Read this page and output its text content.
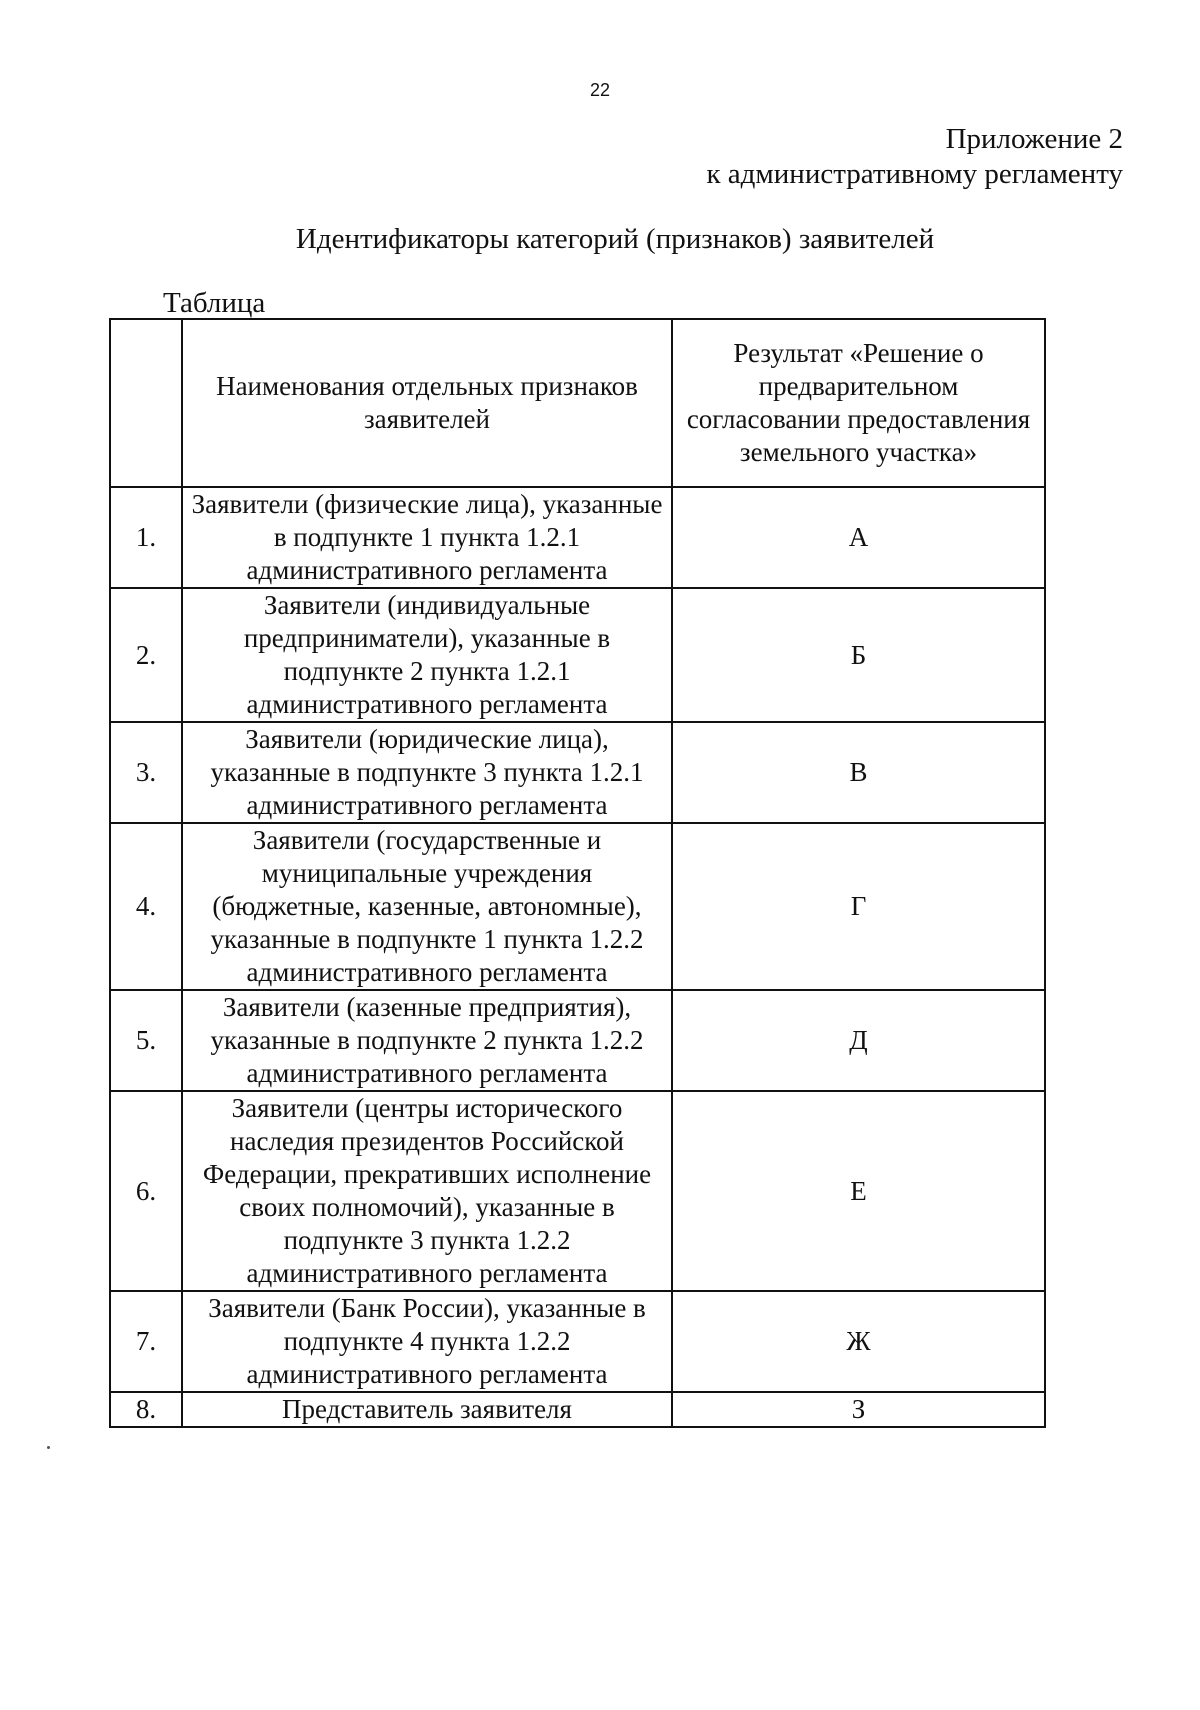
22
Приложение 2
к административному регламенту
Идентификаторы категорий (признаков) заявителей
Таблица
	Наименования отдельных признаков заявителей	Результат «Решение о предварительном согласовании предоставления земельного участка»
1.	Заявители (физические лица), указанные в подпункте 1 пункта 1.2.1 административного регламента	А
2.	Заявители (индивидуальные предприниматели), указанные в подпункте 2 пункта 1.2.1 административного регламента	Б
3.	Заявители (юридические лица), указанные в подпункте 3 пункта 1.2.1 административного регламента	В
4.	Заявители (государственные и муниципальные учреждения (бюджетные, казенные, автономные), указанные в подпункте 1 пункта 1.2.2 административного регламента	Г
5.	Заявители (казенные предприятия), указанные в подпункте 2 пункта 1.2.2 административного регламента	Д
6.	Заявители (центры исторического наследия президентов Российской Федерации, прекративших исполнение своих полномочий), указанные в подпункте 3 пункта 1.2.2 административного регламента	Е
7.	Заявители (Банк России), указанные в подпункте 4 пункта 1.2.2 административного регламента	Ж
8.	Представитель заявителя	З
